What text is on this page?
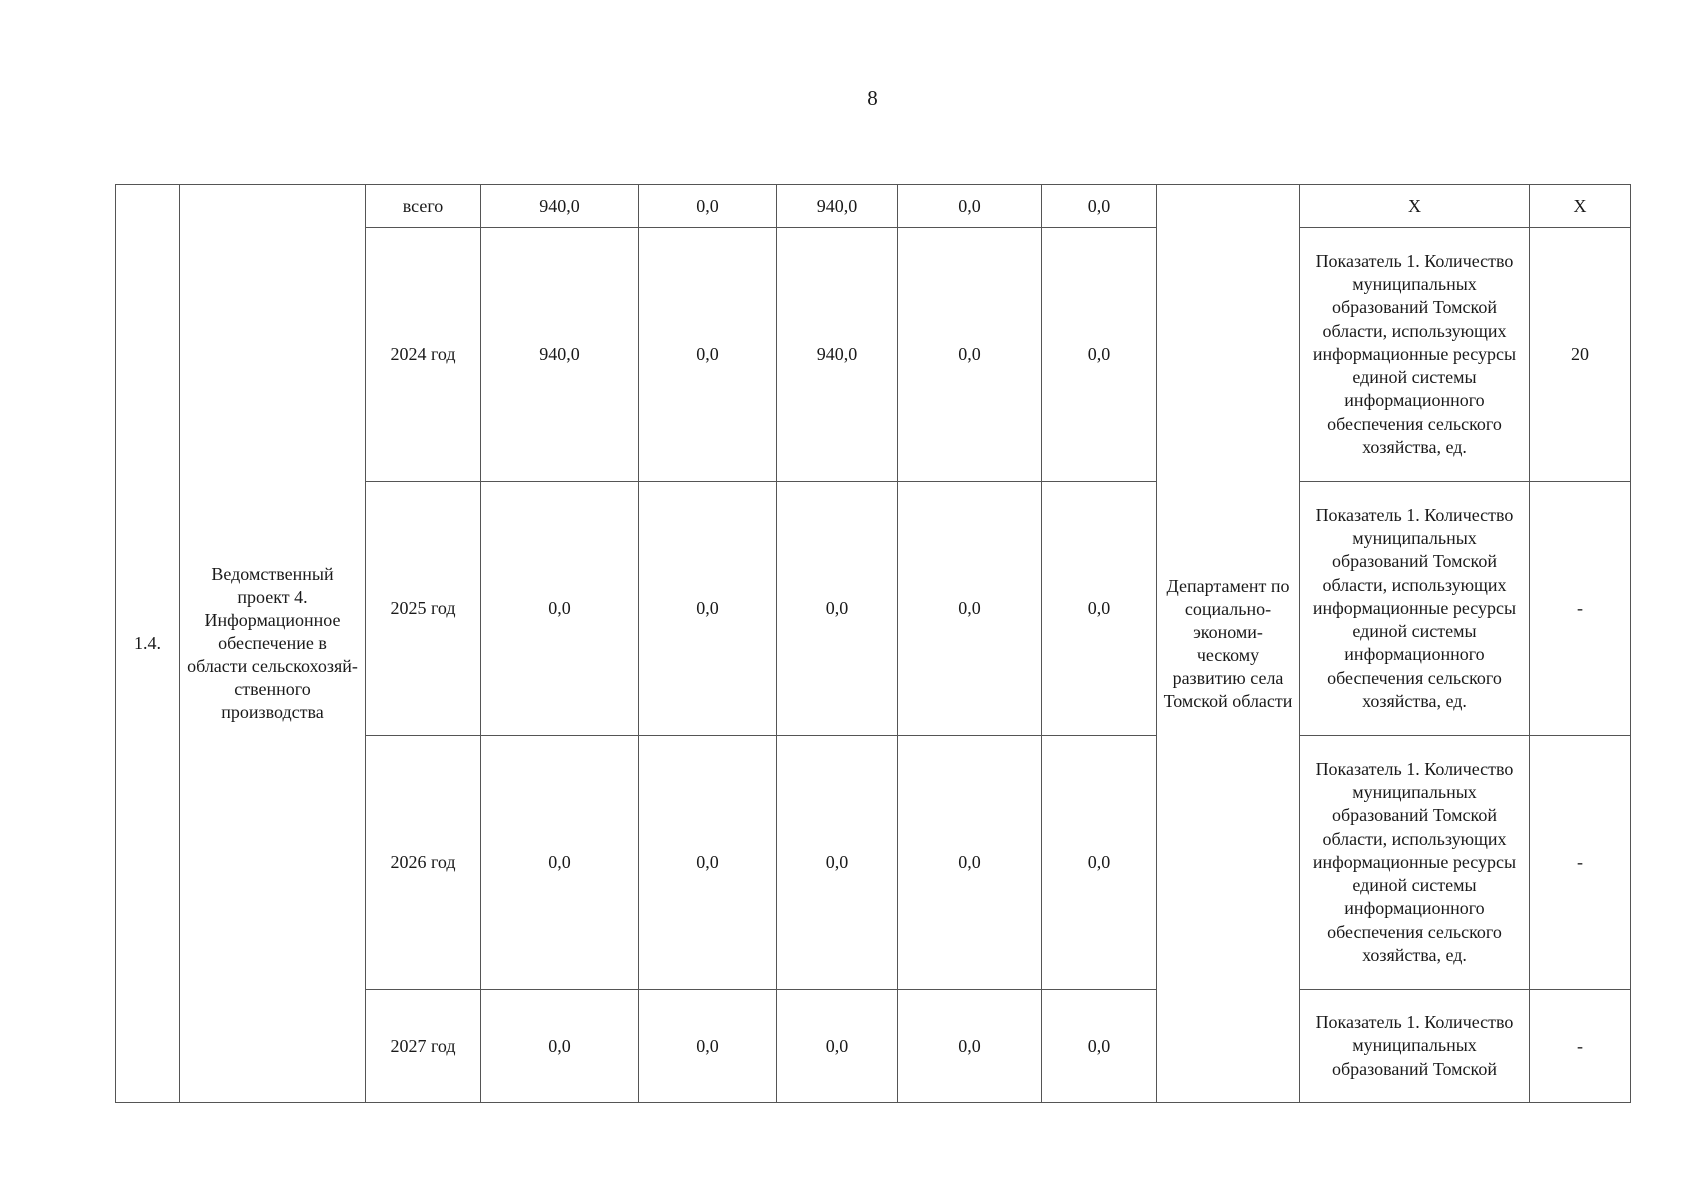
8
1.4.	Ведомственный проект 4. Информационное обеспечение в области сельскохозяй-ственного производства	всего	940,0	0,0	940,0	0,0	0,0	Департамент по социально-экономи-ческому развитию села Томской области	Х	Х
		2024 год	940,0	0,0	940,0	0,0	0,0		Показатель 1. Количество муниципальных образований Томской области, использующих информационные ресурсы единой системы информационного обеспечения сельского хозяйства, ед.	20
		2025 год	0,0	0,0	0,0	0,0	0,0		Показатель 1. Количество муниципальных образований Томской области, использующих информационные ресурсы единой системы информационного обеспечения сельского хозяйства, ед.	-
		2026 год	0,0	0,0	0,0	0,0	0,0		Показатель 1. Количество муниципальных образований Томской области, использующих информационные ресурсы единой системы информационного обеспечения сельского хозяйства, ед.	-
		2027 год	0,0	0,0	0,0	0,0	0,0		Показатель 1. Количество муниципальных образований Томской	-
